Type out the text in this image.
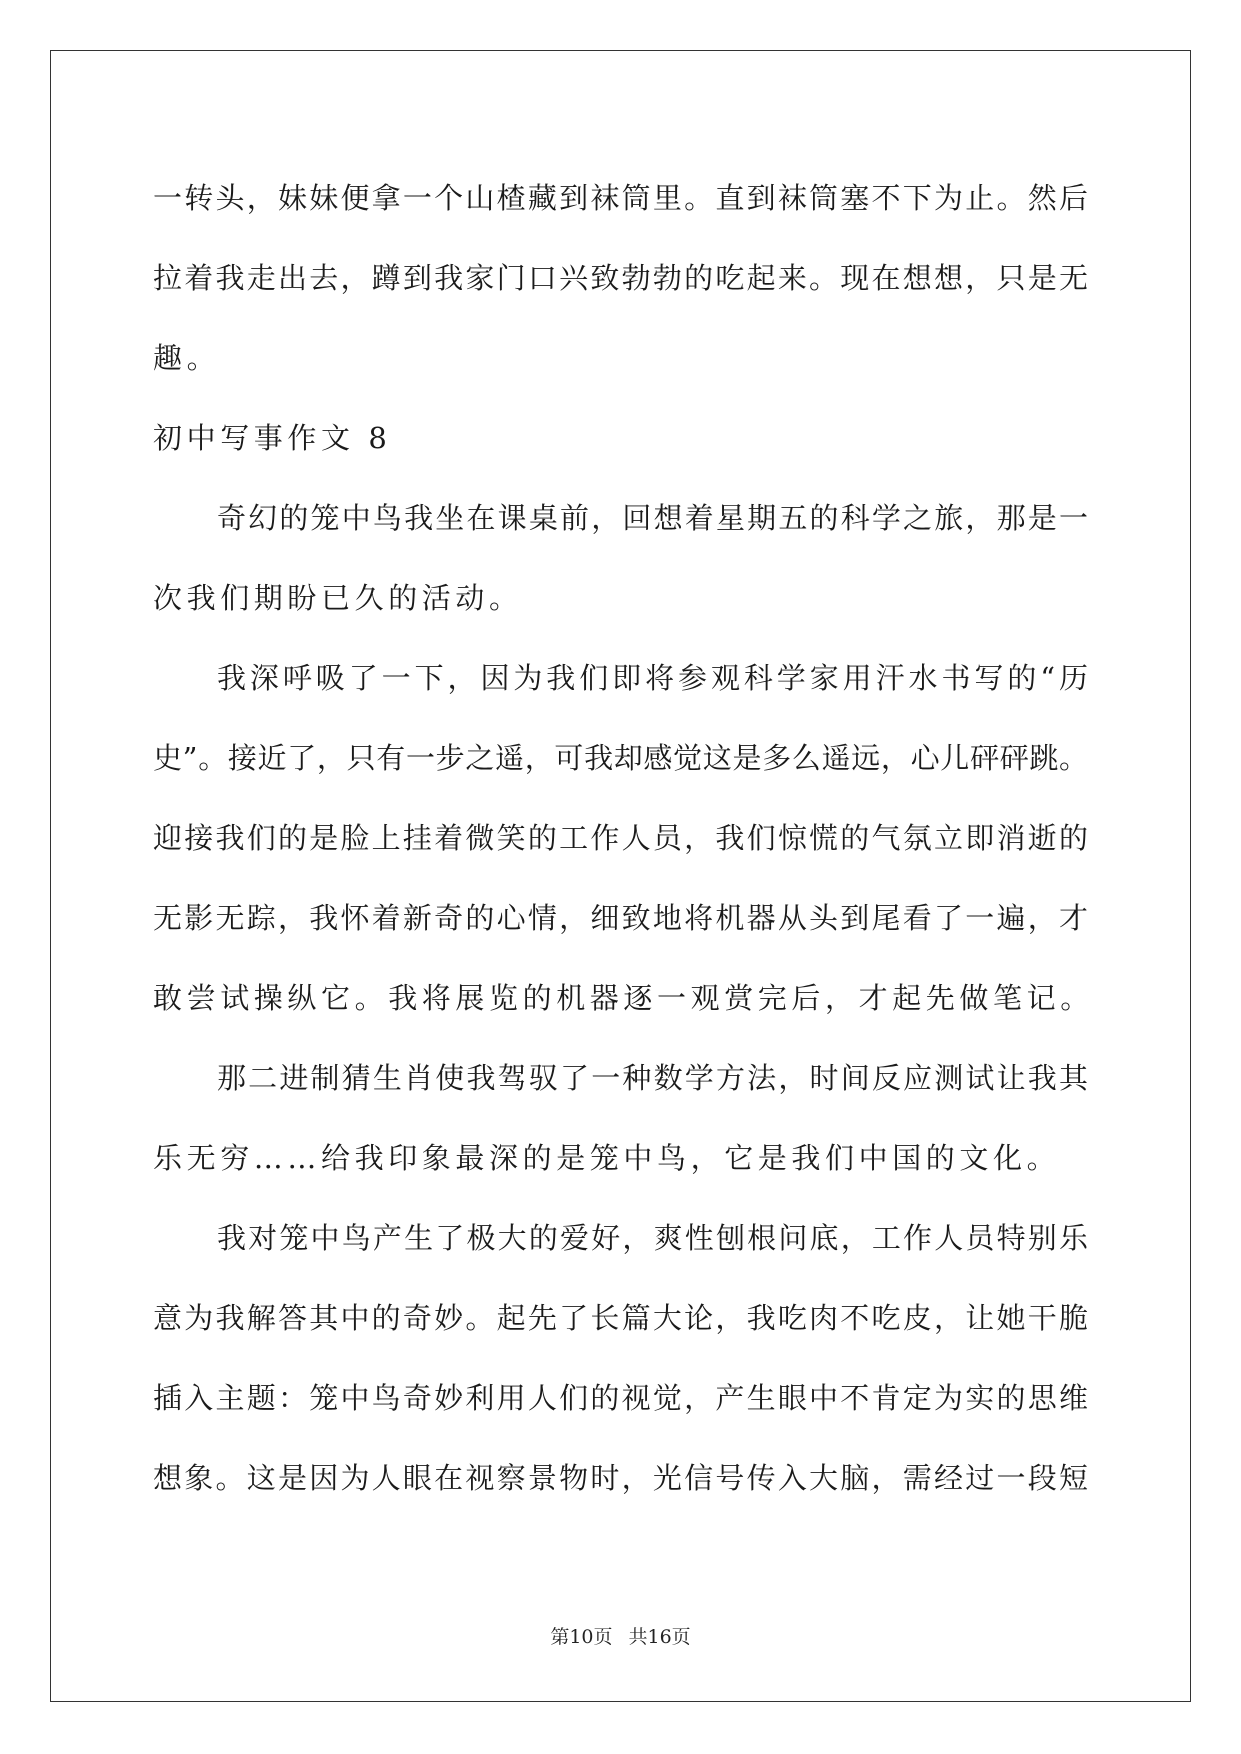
一转头，妹妹便拿一个山楂藏到袜筒里。直到袜筒塞不下为止。然后
拉着我走出去，蹲到我家门口兴致勃勃的吃起来。现在想想，只是无
趣。
初中写事作文 8
奇幻的笼中鸟我坐在课桌前，回想着星期五的科学之旅，那是一
次我们期盼已久的活动。
我深呼吸了一下，因为我们即将参观科学家用汗水书写的“历
史”。接近了，只有一步之遥，可我却感觉这是多么遥远，心儿砰砰跳。
迎接我们的是脸上挂着微笑的工作人员，我们惊慌的气氛立即消逝的
无影无踪，我怀着新奇的心情，细致地将机器从头到尾看了一遍，才
敢尝试操纵它。我将展览的机器逐一观赏完后，才起先做笔记。
那二进制猜生肖使我驾驭了一种数学方法，时间反应测试让我其
乐无穷……给我印象最深的是笼中鸟，它是我们中国的文化。
我对笼中鸟产生了极大的爱好，爽性刨根问底，工作人员特别乐
意为我解答其中的奇妙。起先了长篇大论，我吃肉不吃皮，让她干脆
插入主题：笼中鸟奇妙利用人们的视觉，产生眼中不肯定为实的思维
想象。这是因为人眼在视察景物时，光信号传入大脑，需经过一段短
第10页 共16页
